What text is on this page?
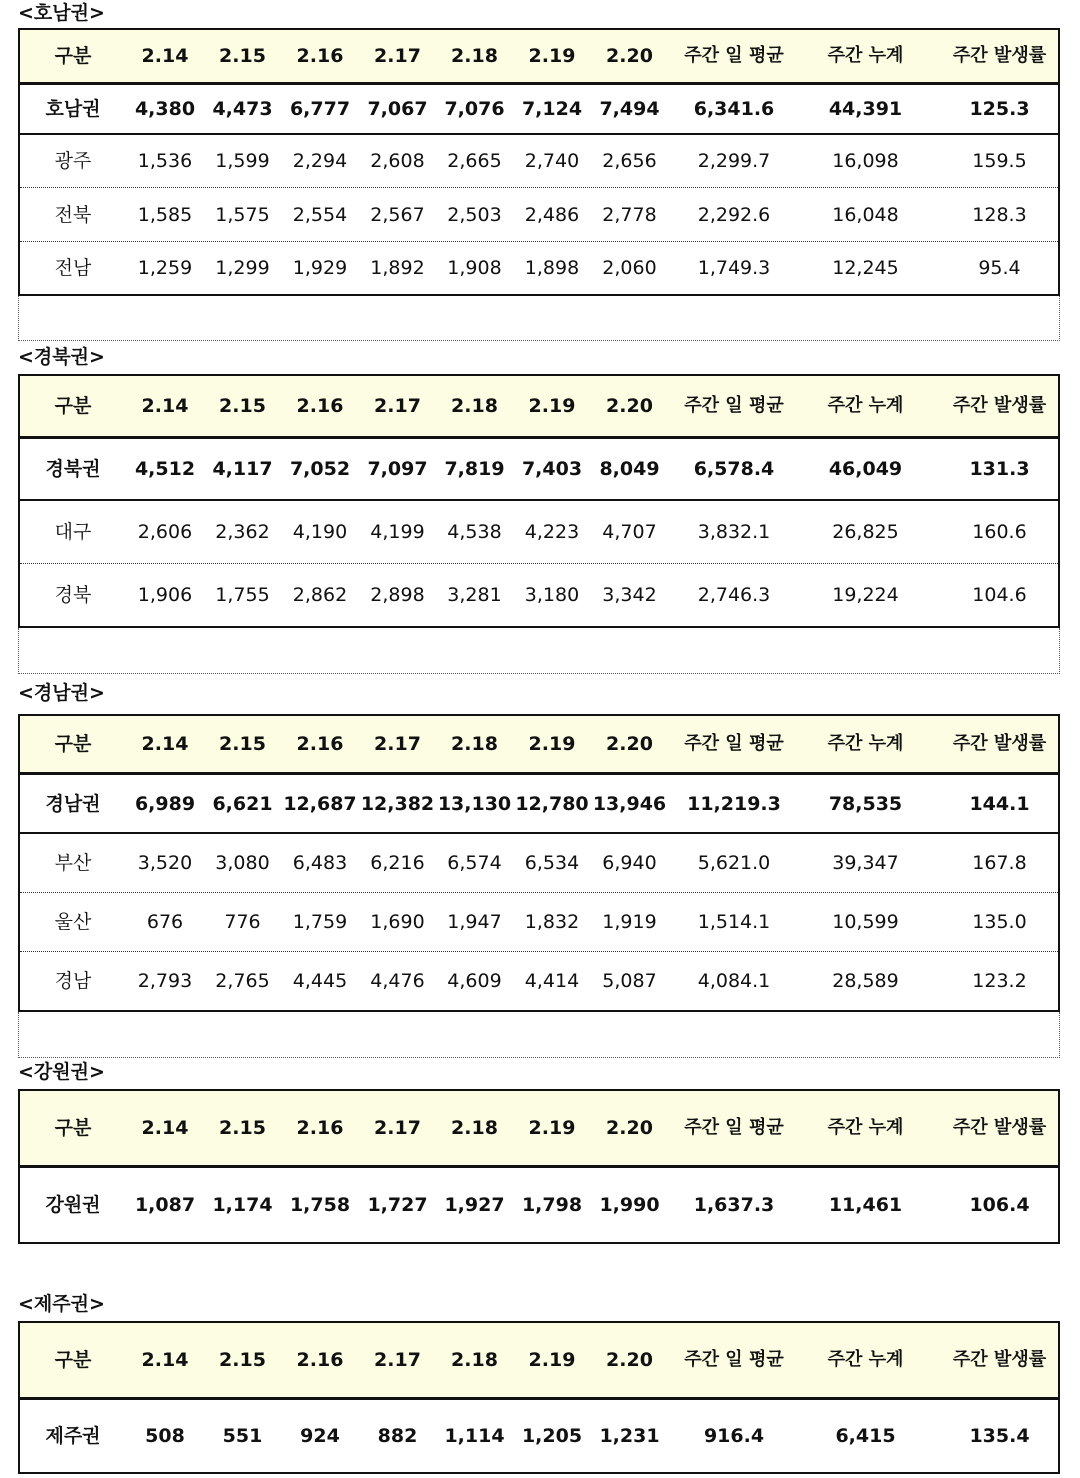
<호남권>
구분	2.14	2.15	2.16	2.17	2.18	2.19	2.20	주간 일 평균	주간 누계	주간 발생률
호남권	4,380 4,473 6,777 7,067 7,076 7,124 7,494	6,341.6	44,391	125.3
광주	1,536	1,599	2,294	2,608	2,665	2,740	2,656	2,299.7	16,098	159.5
전북	1,585	1,575	2,554	2,567	2,503	2,486	2,778	2,292.6	16,048	128.3
전남	1,259	1,299	1,929	1,892	1,908	1,898	2,060	1,749.3	12,245	95.4
<경북권>
구분	2.14	2.15	2.16	2.17	2.18	2.19	2.20	주간 일 평균	주간 누계	주간 발생률
경북권	4,512 4,117 7,052 7,097 7,819 7,403 8,049	6,578.4	46,049	131.3
대구	2,606	2,362	4,190	4,199	4,538	4,223	4,707	3,832.1	26,825	160.6
경북	1,906	1,755	2,862	2,898	3,281	3,180	3,342	2,746.3	19,224	104.6
<경남권>
구분	2.14	2.15	2.16	2.17	2.18	2.19	2.20	주간 일 평균	주간 누계	주간 발생률
경남권	6,989 6,621 12,687 12,382 13,130 12,780 13,946	11,219.3	78,535	144.1
부산	3,520	3,080	6,483	6,216	6,574	6,534	6,940	5,621.0	39,347	167.8
울산	676	776	1,759	1,690	1,947	1,832	1,919	1,514.1	10,599	135.0
경남	2,793	2,765	4,445	4,476	4,609	4,414	5,087	4,084.1	28,589	123.2
<강원권>
구분	2.14	2.15	2.16	2.17	2.18	2.19	2.20	주간 일 평균	주간 누계	주간 발생률
강원권	1,087 1,174 1,758 1,727 1,927 1,798 1,990	1,637.3	11,461	106.4
<제주권>
구분	2.14	2.15	2.16	2.17	2.18	2.19	2.20	주간 일 평균	주간 누계	주간 발생률
제주권	508	551	924	882	1,114 1,205 1,231	916.4	6,415	135.4
